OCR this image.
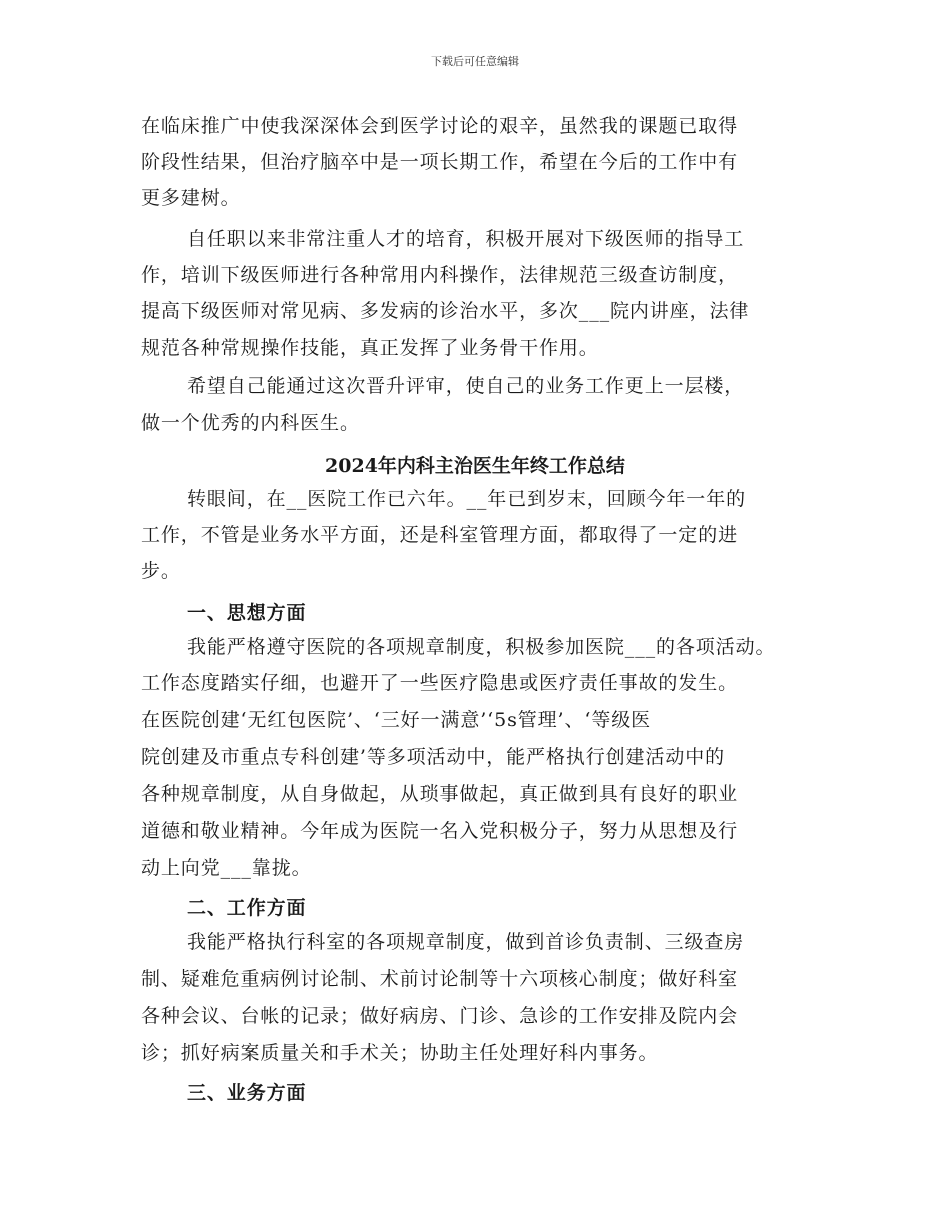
下载后可任意编辑
在临床推广中使我深深体会到医学讨论的艰辛，虽然我的课题已取得
阶段性结果，但治疗脑卒中是一项长期工作，希望在今后的工作中有
更多建树。
自任职以来非常注重人才的培育，积极开展对下级医师的指导工
作，培训下级医师进行各种常用内科操作，法律规范三级查访制度，
提高下级医师对常见病、多发病的诊治水平，多次___院内讲座，法律
规范各种常规操作技能，真正发挥了业务骨干作用。
希望自己能通过这次晋升评审，使自己的业务工作更上一层楼，
做一个优秀的内科医生。
2024年内科主治医生年终工作总结
转眼间，在__医院工作已六年。__年已到岁末，回顾今年一年的
工作，不管是业务水平方面，还是科室管理方面，都取得了一定的进
步。
一、思想方面
我能严格遵守医院的各项规章制度，积极参加医院___的各项活动。
工作态度踏实仔细，也避开了一些医疗隐患或医疗责任事故的发生。
在医院创建‘无红包医院’、‘三好一满意’‘5s管理’、‘等级医
院创建及市重点专科创建’等多项活动中，能严格执行创建活动中的
各种规章制度，从自身做起，从琐事做起，真正做到具有良好的职业
道德和敬业精神。今年成为医院一名入党积极分子，努力从思想及行
动上向党___靠拢。
二、工作方面
我能严格执行科室的各项规章制度，做到首诊负责制、三级查房
制、疑难危重病例讨论制、术前讨论制等十六项核心制度；做好科室
各种会议、台帐的记录；做好病房、门诊、急诊的工作安排及院内会
诊；抓好病案质量关和手术关；协助主任处理好科内事务。
三、业务方面
